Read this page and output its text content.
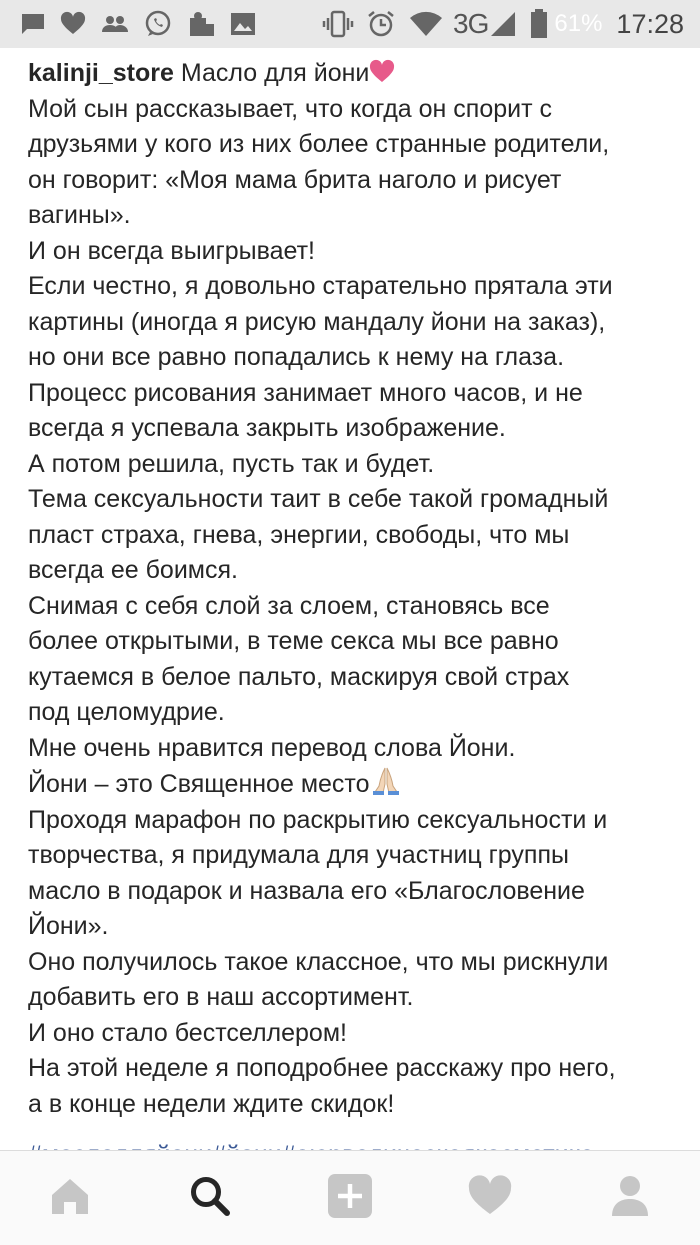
3G	61% 17:28
kalinji_store Масло для йони
Мой сын рассказывает, что когда он спорит с
друзьями у кого из них более странные родители,
он говорит: «Моя мама брита наголо и рисует
вагины».
И он всегда выигрывает!
Если честно, я довольно старательно прятала эти
картины (иногда я рисую мандалу йони на заказ),
но они все равно попадались к нему на глаза.
Процесс рисования занимает много часов, и не
всегда я успевала закрыть изображение.
А потом решила, пусть так и будет.
Тема сексуальности таит в себе такой громадный
пласт страха, гнева, энергии, свободы, что мы
всегда ее боимся.
Снимая с себя слой за слоем, становясь все
более открытыми, в теме секса мы все равно
кутаемся в белое пальто, маскируя свой страх
под целомудрие.
Мне очень нравится перевод слова Йони.
Йони – это Священное место
Проходя марафон по раскрытию сексуальности и
творчества, я придумала для участниц группы
масло в подарок и назвала его «Благословение
Йони».
Оно получилось такое классное, что мы рискнули
добавить его в наш ассортимент.
И оно стало бестселлером!
На этой неделе я поподробнее расскажу про него,
а в конце недели ждите скидок!
